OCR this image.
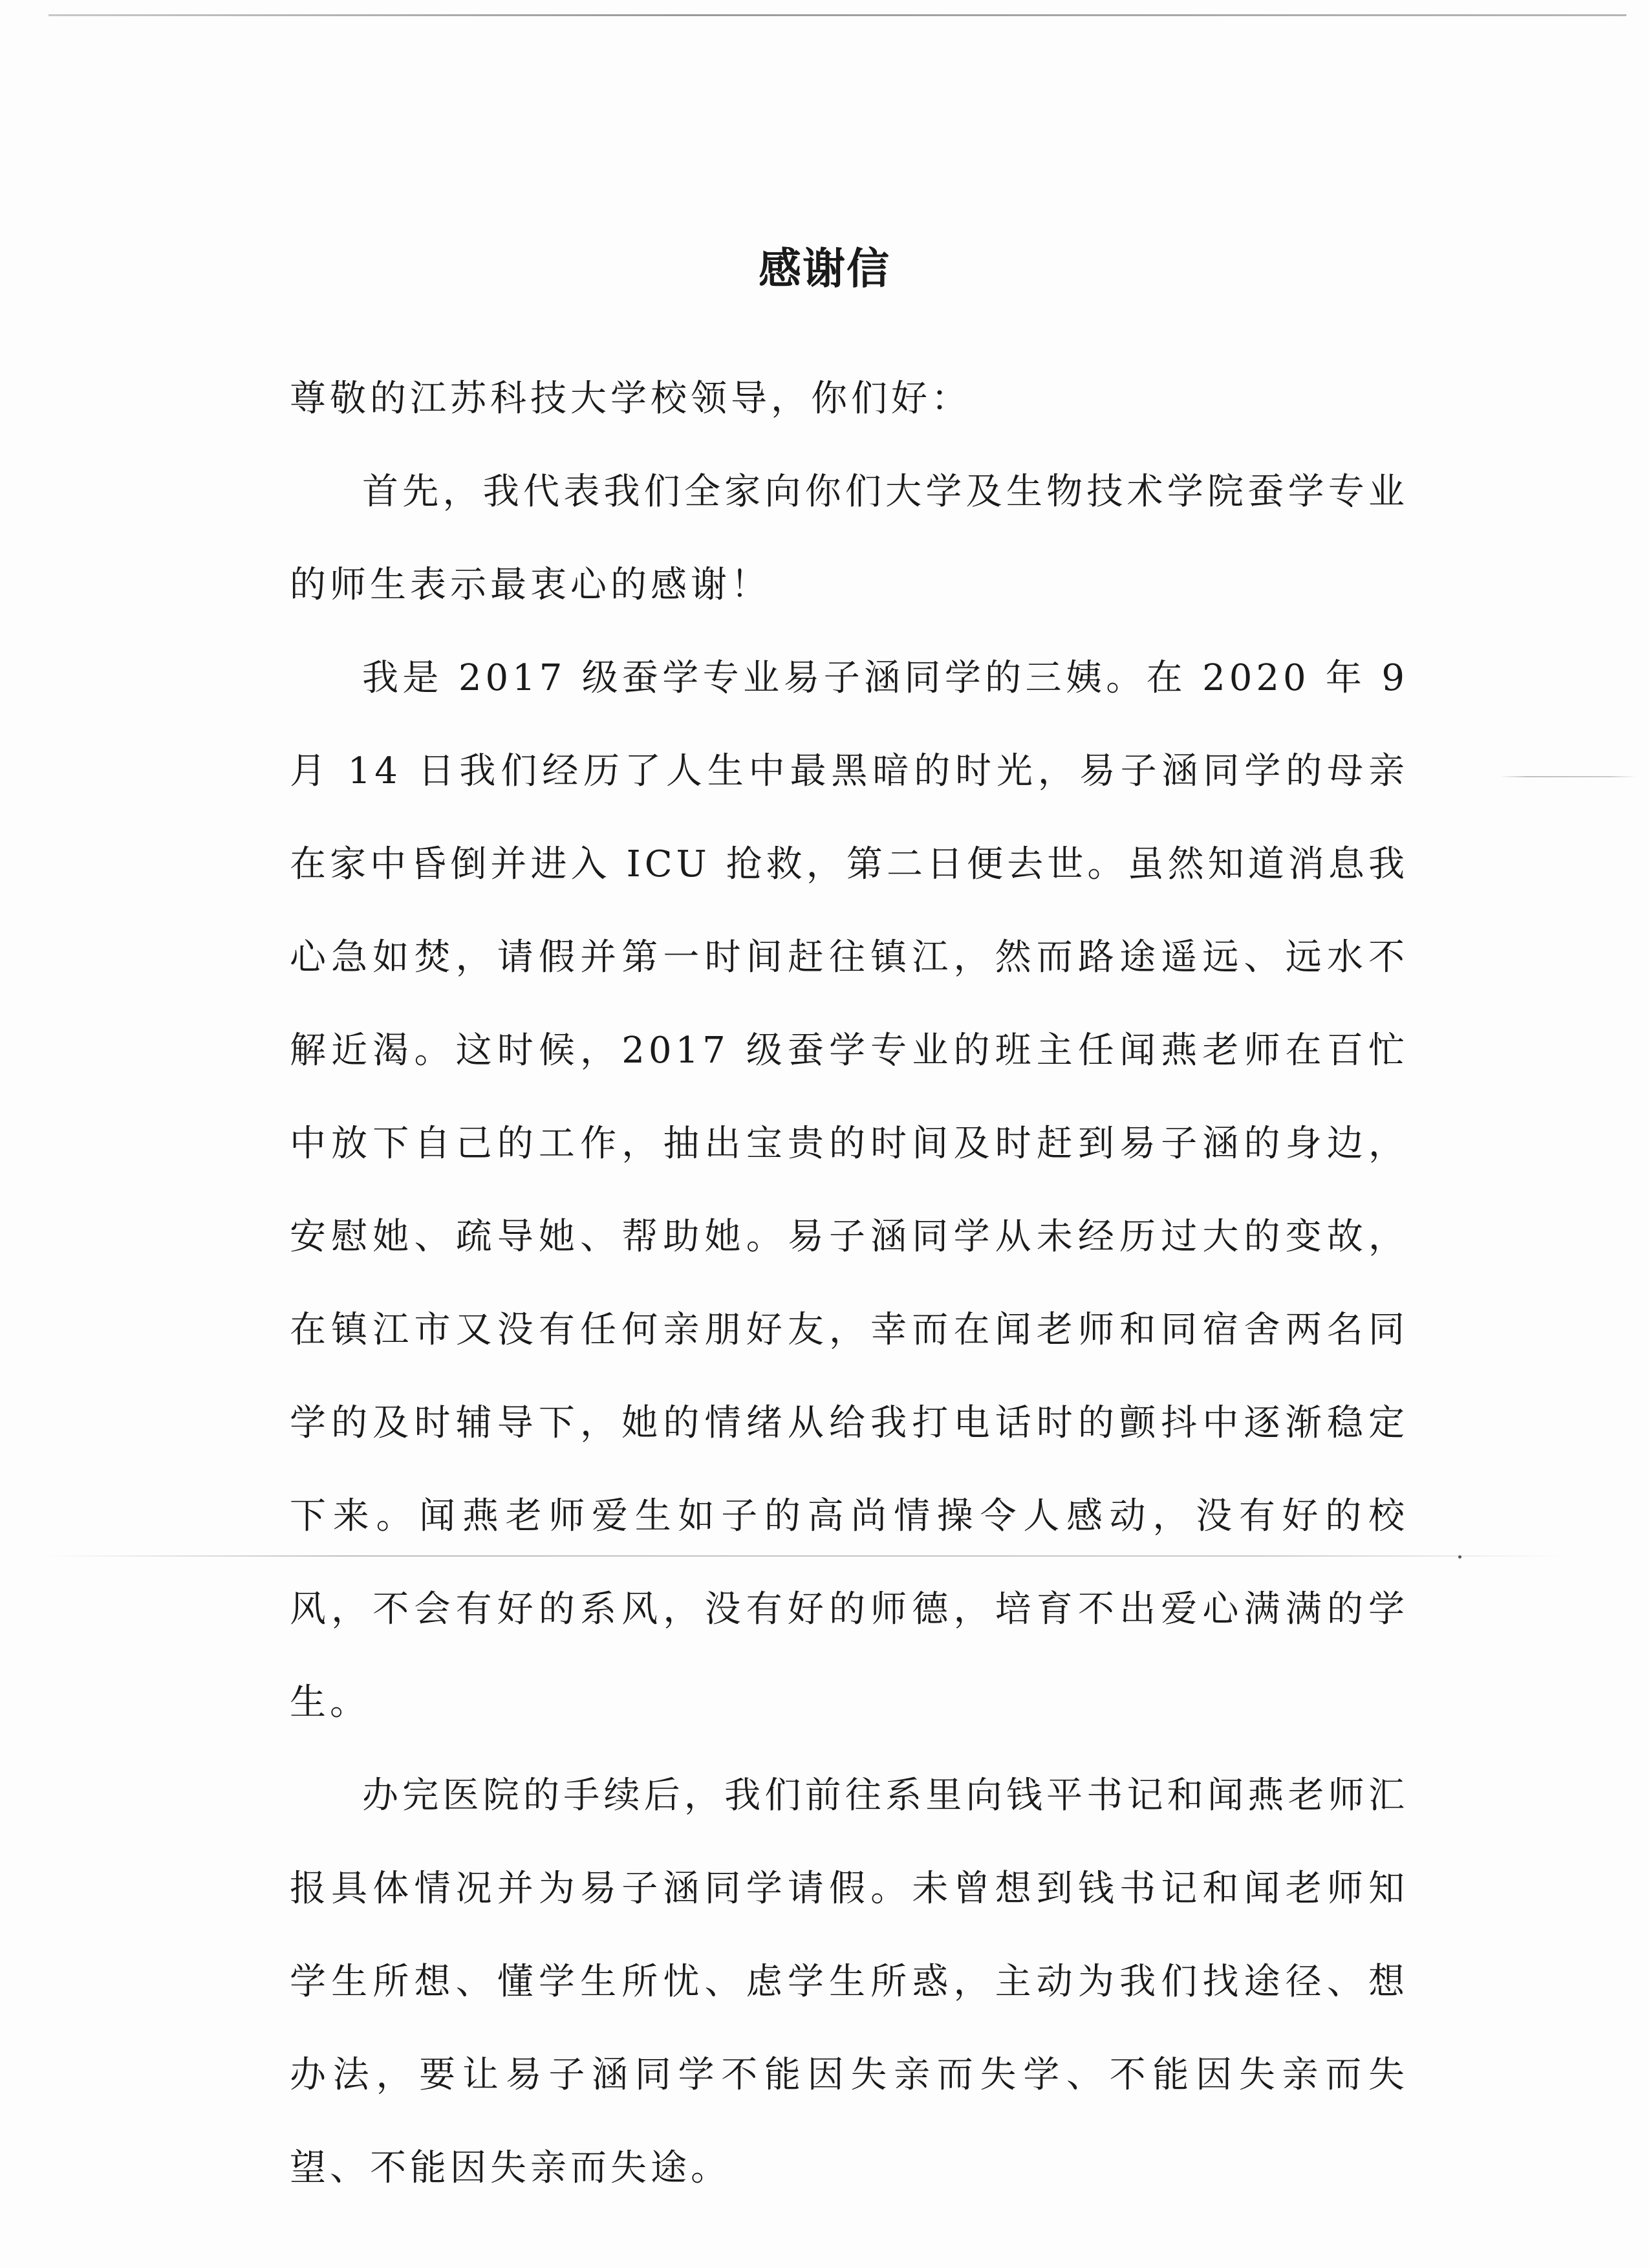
感谢信

尊敬的江苏科技大学校领导，你们好：

首先，我代表我们全家向你们大学及生物技术学院蚕学专业的师生表示最衷心的感谢！

我是 2017 级蚕学专业易子涵同学的三姨。在 2020 年 9 月 14 日我们经历了人生中最黑暗的时光，易子涵同学的母亲在家中昏倒并进入 ICU 抢救，第二日便去世。虽然知道消息我心急如焚，请假并第一时间赶往镇江，然而路途遥远、远水不解近渴。这时候，2017 级蚕学专业的班主任闻燕老师在百忙中放下自己的工作，抽出宝贵的时间及时赶到易子涵的身边，安慰她、疏导她、帮助她。易子涵同学从未经历过大的变故，在镇江市又没有任何亲朋好友，幸而在闻老师和同宿舍两名同学的及时辅导下，她的情绪从给我打电话时的颤抖中逐渐稳定下来。闻燕老师爱生如子的高尚情操令人感动，没有好的校风，不会有好的系风，没有好的师德，培育不出爱心满满的学生。

办完医院的手续后，我们前往系里向钱平书记和闻燕老师汇报具体情况并为易子涵同学请假。未曾想到钱书记和闻老师知学生所想、懂学生所忧、虑学生所惑，主动为我们找途径、想办法，要让易子涵同学不能因失亲而失学、不能因失亲而失望、不能因失亲而失途。
